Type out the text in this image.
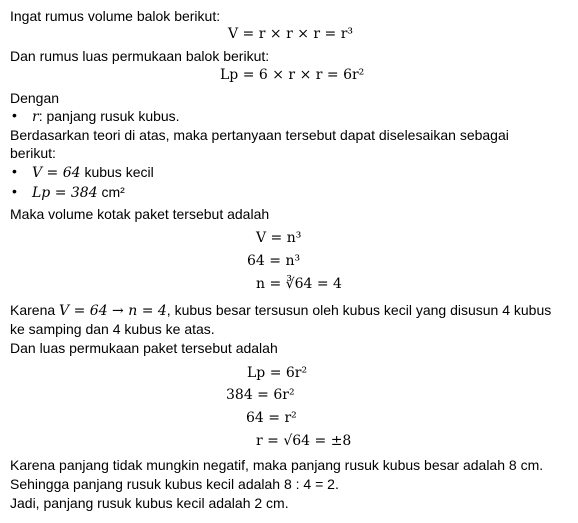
Ingat rumus volume balok berikut:
V = r × r × r = r³
Dan rumus luas permukaan balok berikut:
Lp = 6 × r × r = 6r²
Dengan
• r: panjang rusuk kubus.
Berdasarkan teori di atas, maka pertanyaan tersebut dapat diselesaikan sebagai
berikut:
• V = 64 kubus kecil
• Lp = 384 cm²
Maka volume kotak paket tersebut adalah
V = n³
64 = n³
n = ∛64 = 4
Karena V = 64 → n = 4, kubus besar tersusun oleh kubus kecil yang disusun 4 kubus
ke samping dan 4 kubus ke atas.
Dan luas permukaan paket tersebut adalah
Lp = 6r²
384 = 6r²
64 = r²
r = √64 = ±8
Karena panjang tidak mungkin negatif, maka panjang rusuk kubus besar adalah 8 cm.
Sehingga panjang rusuk kubus kecil adalah 8 : 4 = 2.
Jadi, panjang rusuk kubus kecil adalah 2 cm.
